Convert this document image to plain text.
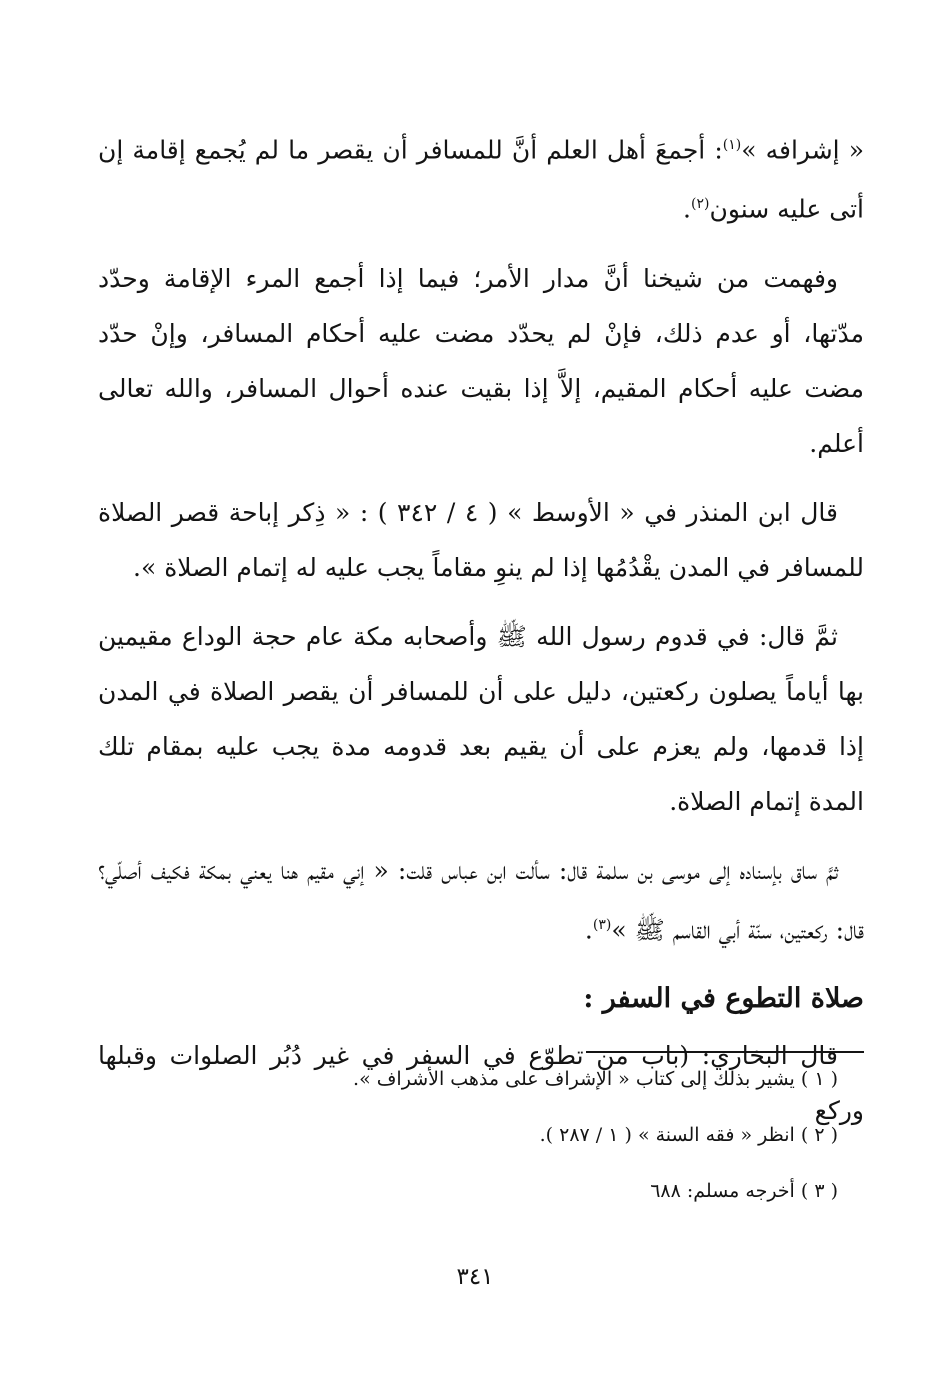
« إشرافه »$^{(١)}$: أجمعَ أهل العلم أنَّ للمسافر أن يقصر ما لم يُجمع إقامة إن أتى عليه سنون$^{(٢)}$.

وفهمت من شيخنا أنَّ مدار الأمر؛ فيما إذا أجمع المرء الإقامة وحدّد مدّتها، أو عدم ذلك، فإنْ لم يحدّد مضت عليه أحكام المسافر، وإنْ حدّد مضت عليه أحكام المقيم، إلاَّ إذا بقيت عنده أحوال المسافر، والله تعالى أعلم.

قال ابن المنذر في « الأوسط » ( ٤ / ٣٤٢ ) : « ذِكر إباحة قصر الصلاة للمسافر في المدن يقْدُمُها إذا لم ينوِ مقاماً يجب عليه له إتمام الصلاة ».

ثمَّ قال: في قدوم رسول الله ﷺ وأصحابه مكة عام حجة الوداع مقيمين بها أياماً يصلون ركعتين، دليل على أن للمسافر أن يقصر الصلاة في المدن إذا قدمها، ولم يعزم على أن يقيم بعد قدومه مدة يجب عليه بمقام تلك المدة إتمام الصلاة.

ثمَّ ساق بإسناده إلى موسى بن سلمة قال: سألت ابن عباس قلت: « إني مقيم هنا يعني بمكة فكيف أصلّي؟ قال: ركعتين، سنّة أبي القاسم ﷺ »$^{(٣)}$.

صلاة التطوع في السفر :

قال البخاري: (باب من تطوّع في السفر في غير دُبُر الصلوات وقبلها وركع

( ١ ) يشير بذلك إلى كتاب « الإشراف على مذهب الأشراف ».
( ٢ ) انظر « فقه السنة » ( ١ / ٢٨٧ ).
( ٣ ) أخرجه مسلم: ٦٨٨
٣٤١
